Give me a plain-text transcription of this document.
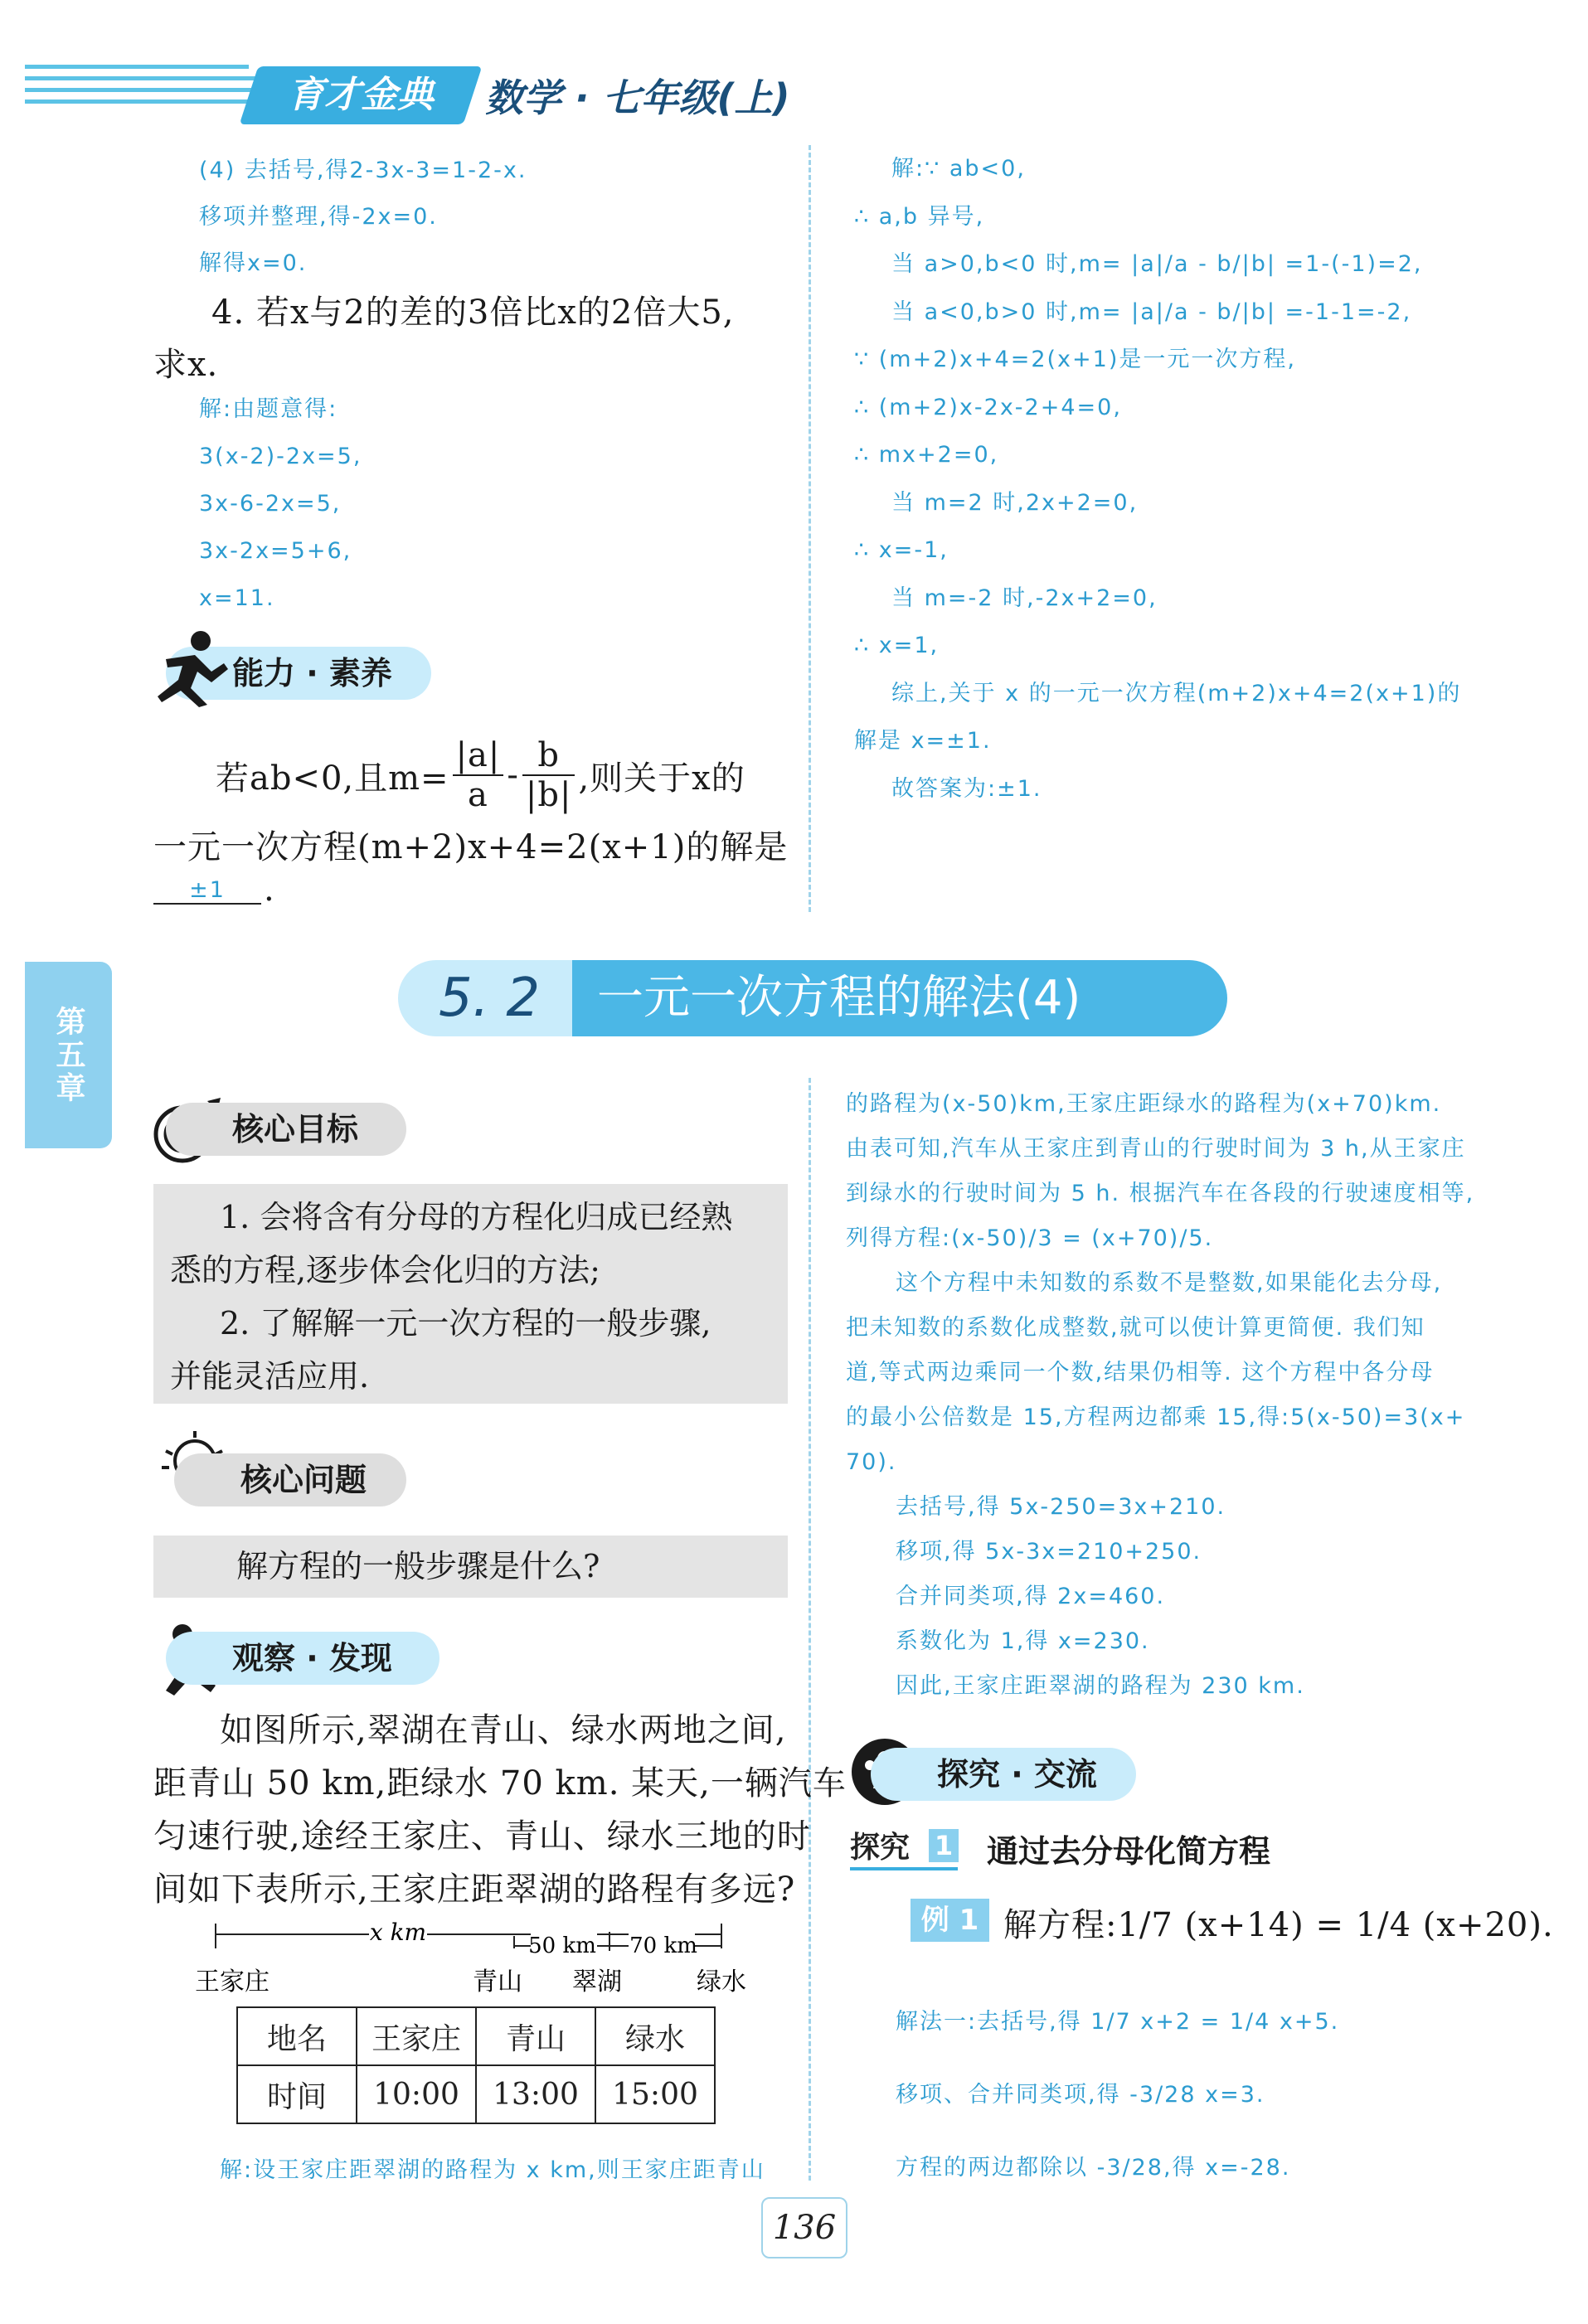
育才金典	数学 · 七年级(上)
(4) 去括号,得2-3x-3=1-2-x.
移项并整理,得-2x=0.
解得x=0.
4. 若x与2的差的3倍比x的2倍大5,
求x.
解:由题意得:
3(x-2)-2x=5,
3x-6-2x=5,
3x-2x=5+6,
x=11.
能力 · 素养
若ab<0,且$m= \frac{|a|}{a} - \frac{b}{|b|}$ ,则关于x的
一元一次方程(m+2)x+4=2(x+1)的解是
±1	.
解:∵ ab<0,
∴ a,b 异号,
当 a>0,b<0 时,m= |a|/a - b/|b| =1-(-1)=2,
当 a<0,b>0 时,m= |a|/a - b/|b| =-1-1=-2,
∵ (m+2)x+4=2(x+1)是一元一次方程,
∴ (m+2)x-2x-2+4=0,
∴ mx+2=0,
当 m=2 时,2x+2=0,
∴ x=-1,
当 m=-2 时,-2x+2=0,
∴ x=1,
综上,关于 x 的一元一次方程(m+2)x+4=2(x+1)的
解是 x=±1.
故答案为:±1.
第五章
5. 2	一元一次方程的解法(4)
核心目标
1. 会将含有分母的方程化归成已经熟
悉的方程,逐步体会化归的方法;
2. 了解解一元一次方程的一般步骤,
并能灵活应用.
核心问题
解方程的一般步骤是什么?
观察 · 发现
如图所示,翠湖在青山、绿水两地之间,
距青山 50 km,距绿水 70 km. 某天,一辆汽车
匀速行驶,途经王家庄、青山、绿水三地的时
间如下表所示,王家庄距翠湖的路程有多远?
x km	50 km 70 km
王家庄	青山 翠湖	绿水
地名	王家庄	青山	绿水
时间	10:00	13:00	15:00
解:设王家庄距翠湖的路程为 x km,则王家庄距青山
的路程为(x-50)km,王家庄距绿水的路程为(x+70)km.
由表可知,汽车从王家庄到青山的行驶时间为 3 h,从王家庄
到绿水的行驶时间为 5 h. 根据汽车在各段的行驶速度相等,
列得方程:(x-50)/3 = (x+70)/5.
这个方程中未知数的系数不是整数,如果能化去分母,
把未知数的系数化成整数,就可以使计算更简便. 我们知
道,等式两边乘同一个数,结果仍相等. 这个方程中各分母
的最小公倍数是 15,方程两边都乘 15,得:5(x-50)=3(x+
70).
去括号,得 5x-250=3x+210.
移项,得 5x-3x=210+250.
合并同类项,得 2x=460.
系数化为 1,得 x=230.
因此,王家庄距翠湖的路程为 230 km.
探究 · 交流
探究 1 通过去分母化简方程
例 1 解方程:1/7 (x+14) = 1/4 (x+20).
解法一:去括号,得 1/7 x+2 = 1/4 x+5.
移项、合并同类项,得 -3/28 x=3.
方程的两边都除以 -3/28,得 x=-28.
136
